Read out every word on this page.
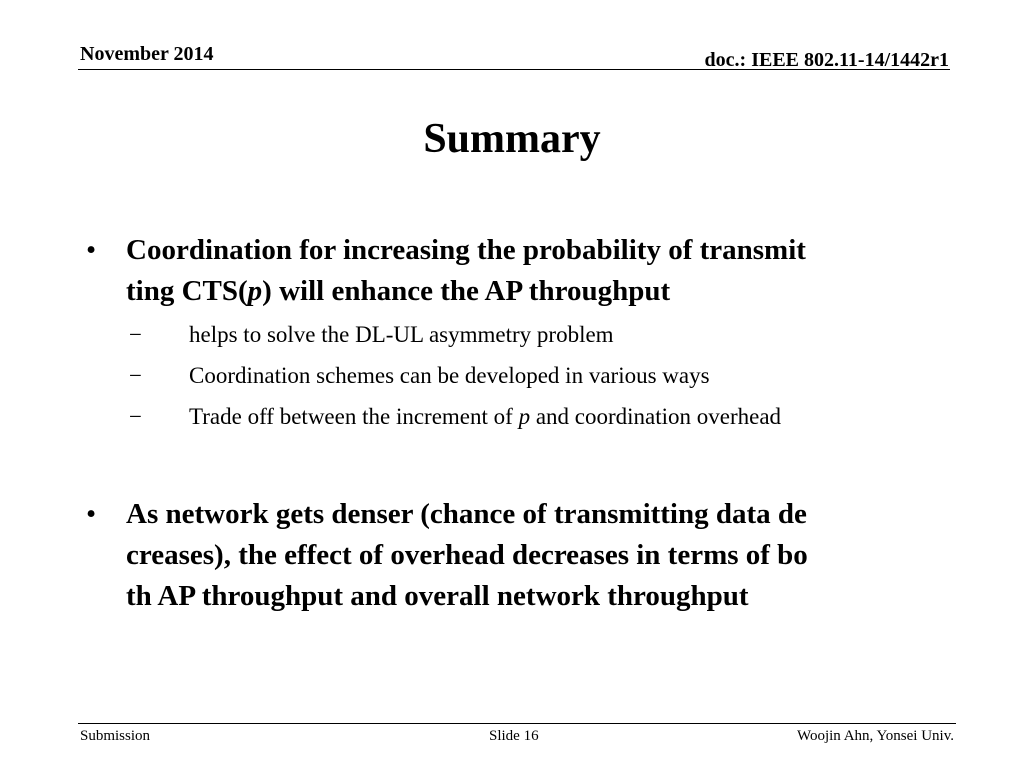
November 2014	doc.: IEEE 802.11-14/1442r1
Summary
• Coordination for increasing the probability of transmit
ting CTS(p) will enhance the AP throughput
− helps to solve the DL-UL asymmetry problem
− Coordination schemes can be developed in various ways
− Trade off between the increment of p and coordination overhead
• As network gets denser (chance of transmitting data de
creases), the effect of overhead decreases in terms of bo
th AP throughput and overall network throughput
Submission	Slide 16	Woojin Ahn, Yonsei Univ.
